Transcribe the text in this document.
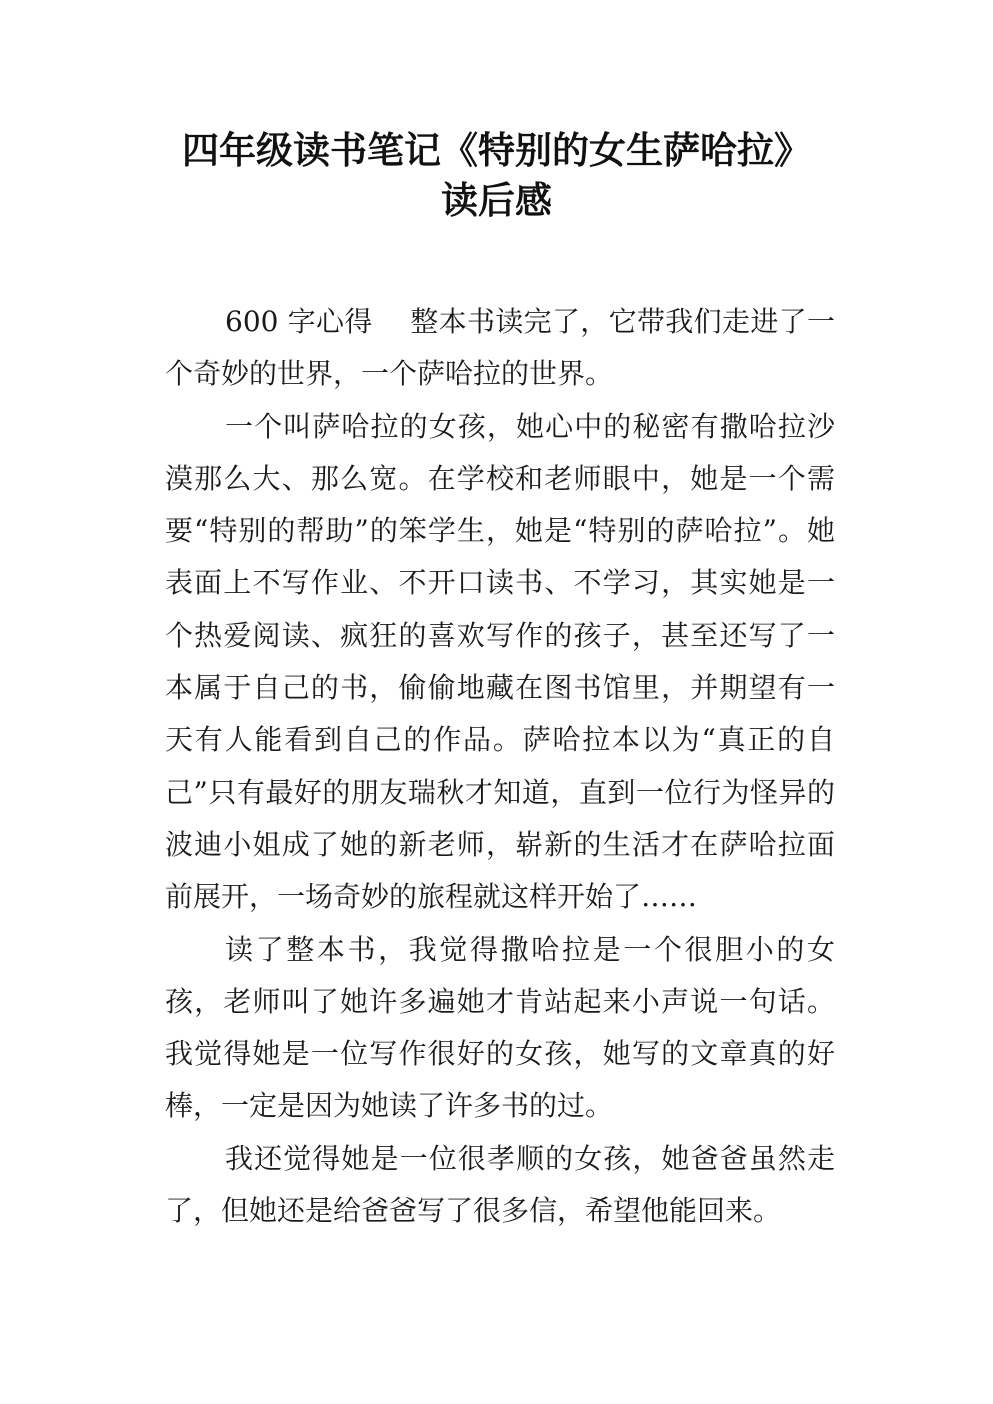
四年级读书笔记《特别的女生萨哈拉》
读后感

600 字心得　 整本书读完了，它带我们走进了一个奇妙的世界，一个萨哈拉的世界。

一个叫萨哈拉的女孩，她心中的秘密有撒哈拉沙漠那么大、那么宽。在学校和老师眼中，她是一个需要“特别的帮助”的笨学生，她是“特别的萨哈拉”。她表面上不写作业、不开口读书、不学习，其实她是一个热爱阅读、疯狂的喜欢写作的孩子，甚至还写了一本属于自己的书，偷偷地藏在图书馆里，并期望有一天有人能看到自己的作品。萨哈拉本以为“真正的自己”只有最好的朋友瑞秋才知道，直到一位行为怪异的波迪小姐成了她的新老师，崭新的生活才在萨哈拉面前展开，一场奇妙的旅程就这样开始了……

读了整本书，我觉得撒哈拉是一个很胆小的女孩，老师叫了她许多遍她才肯站起来小声说一句话。我觉得她是一位写作很好的女孩，她写的文章真的好棒，一定是因为她读了许多书的过。

我还觉得她是一位很孝顺的女孩，她爸爸虽然走了，但她还是给爸爸写了很多信，希望他能回来。
